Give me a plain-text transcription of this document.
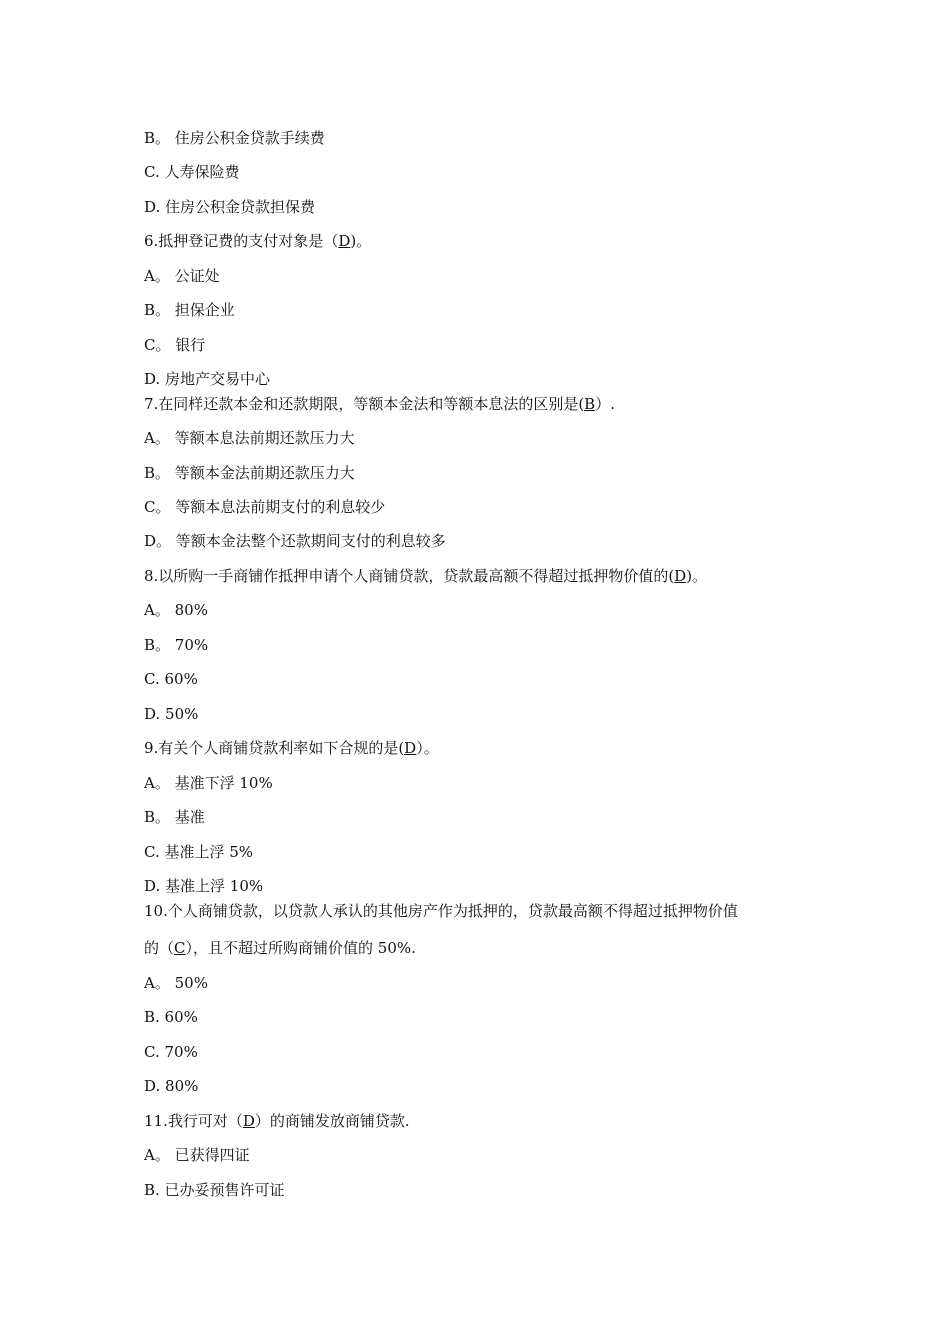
B。 住房公积金贷款手续费
C. 人寿保险费
D. 住房公积金贷款担保费
6.抵押登记费的支付对象是（D)。
A。 公证处
B。 担保企业
C。 银行
D. 房地产交易中心
7.在同样还款本金和还款期限，等额本金法和等额本息法的区别是(B）.
A。 等额本息法前期还款压力大
B。 等额本金法前期还款压力大
C。 等额本息法前期支付的利息较少
D。 等额本金法整个还款期间支付的利息较多
8.以所购一手商铺作抵押申请个人商铺贷款，贷款最高额不得超过抵押物价值的(D)。
A。 80%
B。 70%
C. 60%
D. 50%
9.有关个人商铺贷款利率如下合规的是(D）。
A。 基准下浮 10%
B。 基准
C. 基准上浮 5%
D. 基准上浮 10%
10.个人商铺贷款，以贷款人承认的其他房产作为抵押的，贷款最高额不得超过抵押物价值
的（C），且不超过所购商铺价值的 50%.
A。 50%
B. 60%
C. 70%
D. 80%
11.我行可对（D）的商铺发放商铺贷款.
A。 已获得四证
B. 已办妥预售许可证
